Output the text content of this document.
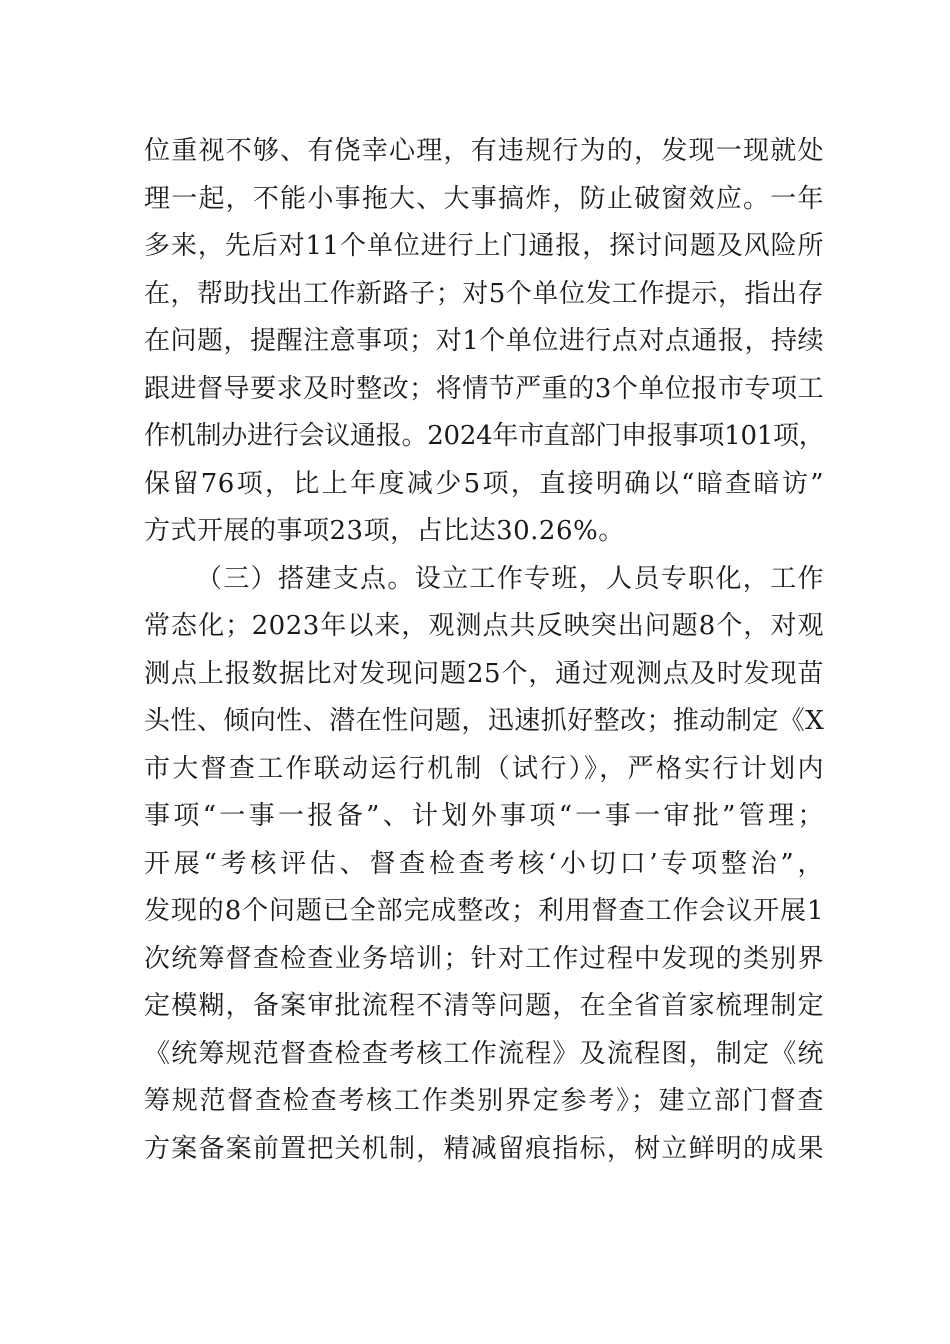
位重视不够、有侥幸心理，有违规行为的，发现一现就处
理一起，不能小事拖大、大事搞炸，防止破窗效应。一年
多来，先后对11个单位进行上门通报，探讨问题及风险所
在，帮助找出工作新路子；对5个单位发工作提示，指出存
在问题，提醒注意事项；对1个单位进行点对点通报，持续
跟进督导要求及时整改；将情节严重的3个单位报市专项工
作机制办进行会议通报。2024年市直部门申报事项101项，
保留76项，比上年度减少5项，直接明确以“暗查暗访”
方式开展的事项23项，占比达30.26%。
（三）搭建支点。设立工作专班，人员专职化，工作
常态化；2023年以来，观测点共反映突出问题8个，对观
测点上报数据比对发现问题25个，通过观测点及时发现苗
头性、倾向性、潜在性问题，迅速抓好整改；推动制定《X
市大督查工作联动运行机制（试行）》，严格实行计划内
事项“一事一报备”、计划外事项“一事一审批”管理；
开展“考核评估、督查检查考核‘小切口’专项整治”，
发现的8个问题已全部完成整改；利用督查工作会议开展1
次统筹督查检查业务培训；针对工作过程中发现的类别界
定模糊，备案审批流程不清等问题，在全省首家梳理制定
《统筹规范督查检查考核工作流程》及流程图，制定《统
筹规范督查检查考核工作类别界定参考》；建立部门督查
方案备案前置把关机制，精减留痕指标，树立鲜明的成果
